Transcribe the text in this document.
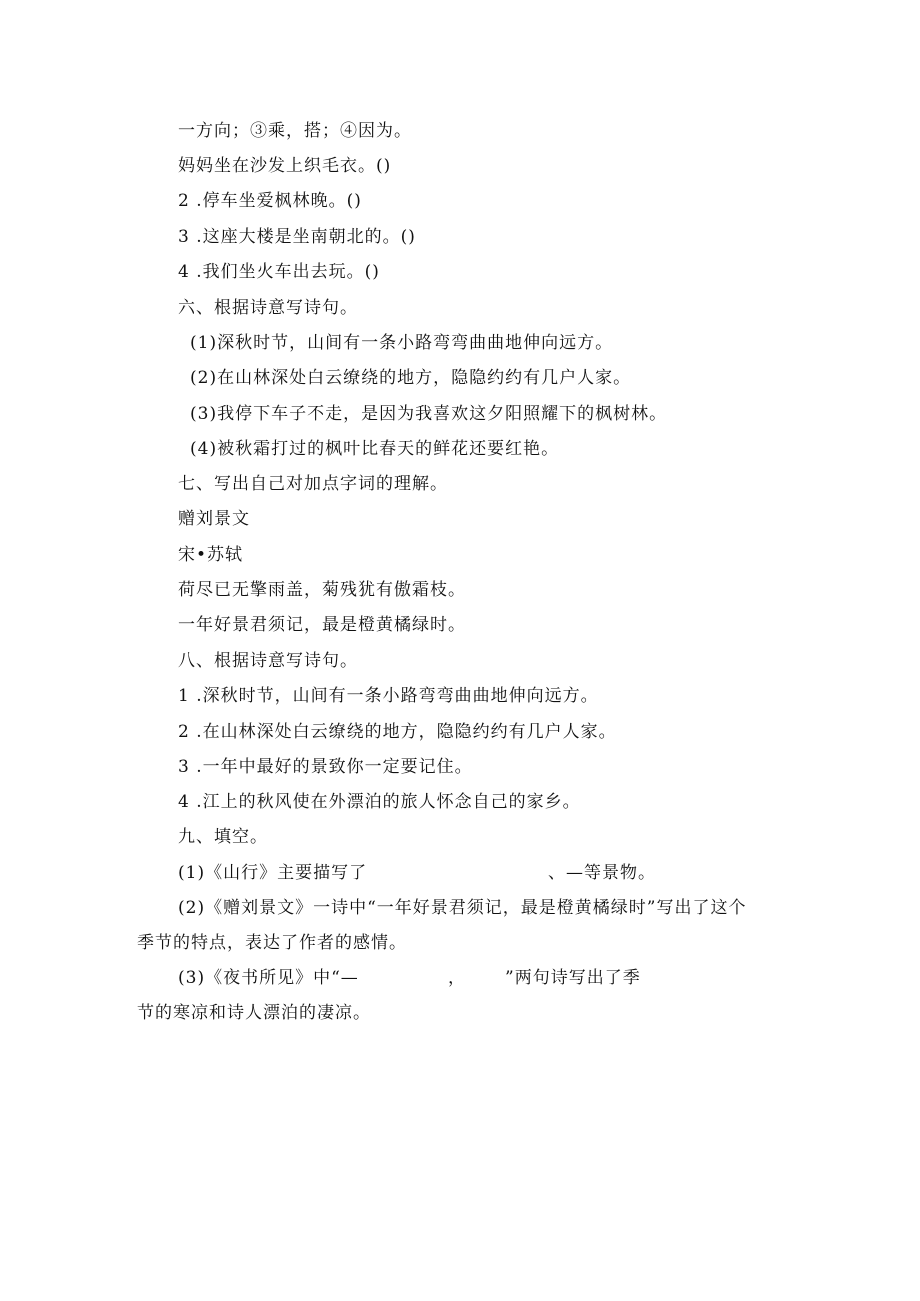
一方向；③乘，搭；④因为。
妈妈坐在沙发上织毛衣。()
2 .停车坐爱枫林晚。()
3 .这座大楼是坐南朝北的。()
4 .我们坐火车出去玩。()
六、根据诗意写诗句。
(1)深秋时节，山间有一条小路弯弯曲曲地伸向远方。
(2)在山林深处白云缭绕的地方，隐隐约约有几户人家。
(3)我停下车子不走，是因为我喜欢这夕阳照耀下的枫树林。
(4)被秋霜打过的枫叶比春天的鲜花还要红艳。
七、写出自己对加点字词的理解。
赠刘景文
宋•苏轼
荷尽已无擎雨盖，菊残犹有傲霜枝。
一年好景君须记，最是橙黄橘绿时。
八、根据诗意写诗句。
1 .深秋时节，山间有一条小路弯弯曲曲地伸向远方。
2 .在山林深处白云缭绕的地方，隐隐约约有几户人家。
3 .一年中最好的景致你一定要记住。
4 .江上的秋风使在外漂泊的旅人怀念自己的家乡。
九、填空。
(1)《山行》主要描写了	、—等景物。
(2)《赠刘景文》一诗中“一年好景君须记，最是橙黄橘绿时”写出了这个
季节的特点，表达了作者的感情。
(3)《夜书所见》中“—	， ”两句诗写出了季
节的寒凉和诗人漂泊的凄凉。
